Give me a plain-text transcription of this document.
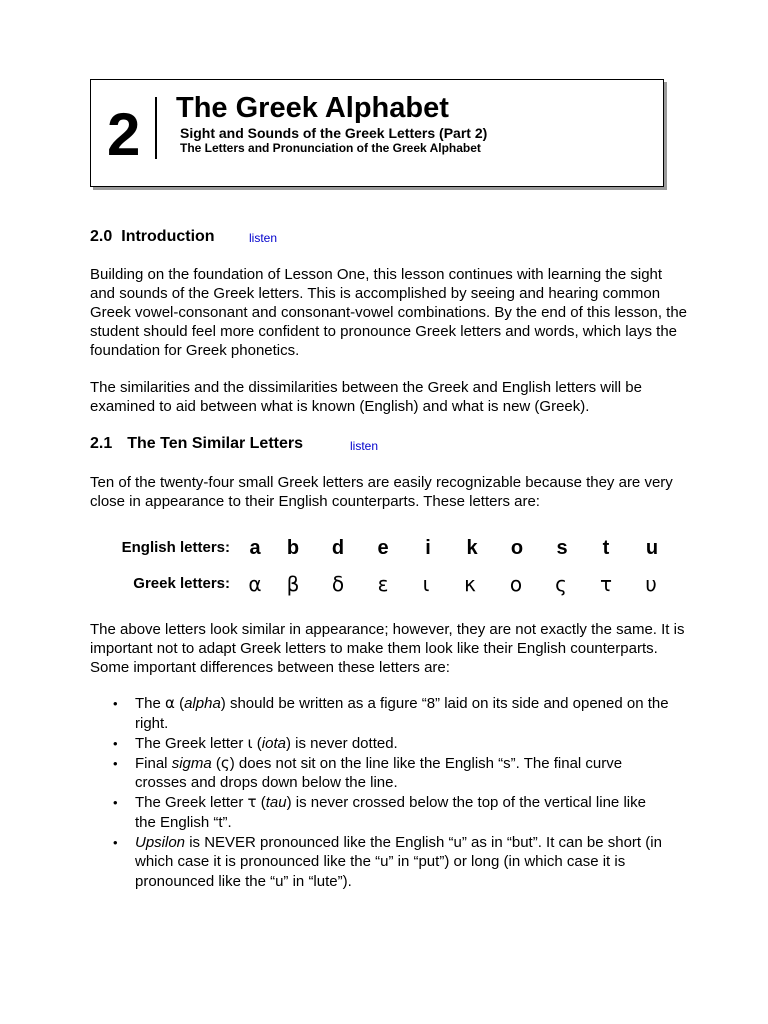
2 The Greek Alphabet
Sight and Sounds of the Greek Letters (Part 2)
The Letters and Pronunciation of the Greek Alphabet
2.0 Introduction	listen

Building on the foundation of Lesson One, this lesson continues with learning the sight and sounds of the Greek letters. This is accomplished by seeing and hearing common Greek vowel-consonant and consonant-vowel combinations. By the end of this lesson, the student should feel more confident to pronounce Greek letters and words, which lays the foundation for Greek phonetics.

The similarities and the dissimilarities between the Greek and English letters will be examined to aid between what is known (English) and what is new (Greek).

2.1 The Ten Similar Letters	listen

Ten of the twenty-four small Greek letters are easily recognizable because they are very close in appearance to their English counterparts. These letters are:

English letters: a	b	d	e	i	k	o	s	t	u
Greek letters: α	β	δ	ε	ι	κ	ο	ς	τ	υ

The above letters look similar in appearance; however, they are not exactly the same. It is important not to adapt Greek letters to make them look like their English counterparts. Some important differences between these letters are:

• The α (alpha) should be written as a figure “8” laid on its side and opened on the right.
• The Greek letter ι (iota) is never dotted.
• Final sigma (ς) does not sit on the line like the English “s”. The final curve crosses and drops down below the line.
• The Greek letter τ (tau) is never crossed below the top of the vertical line like the English “t”.
• Upsilon is NEVER pronounced like the English “u” as in “but”. It can be short (in which case it is pronounced like the “u” in “put”) or long (in which case it is pronounced like the “u” in “lute”).
